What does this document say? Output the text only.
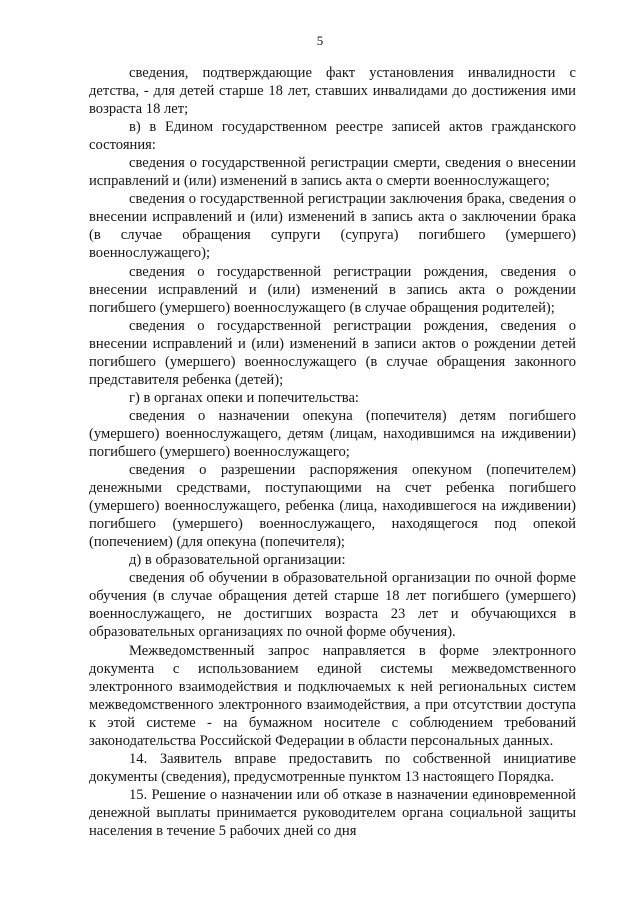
5

сведения, подтверждающие факт установления инвалидности с детства, - для детей старше 18 лет, ставших инвалидами до достижения ими возраста 18 лет;

в) в Едином государственном реестре записей актов гражданского состояния:

сведения о государственной регистрации смерти, сведения о внесении исправлений и (или) изменений в запись акта о смерти военнослужащего;

сведения о государственной регистрации заключения брака, сведения о внесении исправлений и (или) изменений в запись акта о заключении брака (в случае обращения супруги (супруга) погибшего (умершего) военнослужащего);

сведения о государственной регистрации рождения, сведения о внесении исправлений и (или) изменений в запись акта о рождении погибшего (умершего) военнослужащего (в случае обращения родителей);

сведения о государственной регистрации рождения, сведения о внесении исправлений и (или) изменений в записи актов о рождении детей погибшего (умершего) военнослужащего (в случае обращения законного представителя ребенка (детей);

г) в органах опеки и попечительства:

сведения о назначении опекуна (попечителя) детям погибшего (умершего) военнослужащего, детям (лицам, находившимся на иждивении) погибшего (умершего) военнослужащего;

сведения о разрешении распоряжения опекуном (попечителем) денежными средствами, поступающими на счет ребенка погибшего (умершего) военнослужащего, ребенка (лица, находившегося на иждивении) погибшего (умершего) военнослужащего, находящегося под опекой (попечением) (для опекуна (попечителя);

д) в образовательной организации:

сведения об обучении в образовательной организации по очной форме обучения (в случае обращения детей старше 18 лет погибшего (умершего) военнослужащего, не достигших возраста 23 лет и обучающихся в образовательных организациях по очной форме обучения).

Межведомственный запрос направляется в форме электронного документа с использованием единой системы межведомственного электронного взаимодействия и подключаемых к ней региональных систем межведомственного электронного взаимодействия, а при отсутствии доступа к этой системе - на бумажном носителе с соблюдением требований законодательства Российской Федерации в области персональных данных.

14. Заявитель вправе предоставить по собственной инициативе документы (сведения), предусмотренные пунктом 13 настоящего Порядка.

15. Решение о назначении или об отказе в назначении единовременной денежной выплаты принимается руководителем органа социальной защиты населения в течение 5 рабочих дней со дня
